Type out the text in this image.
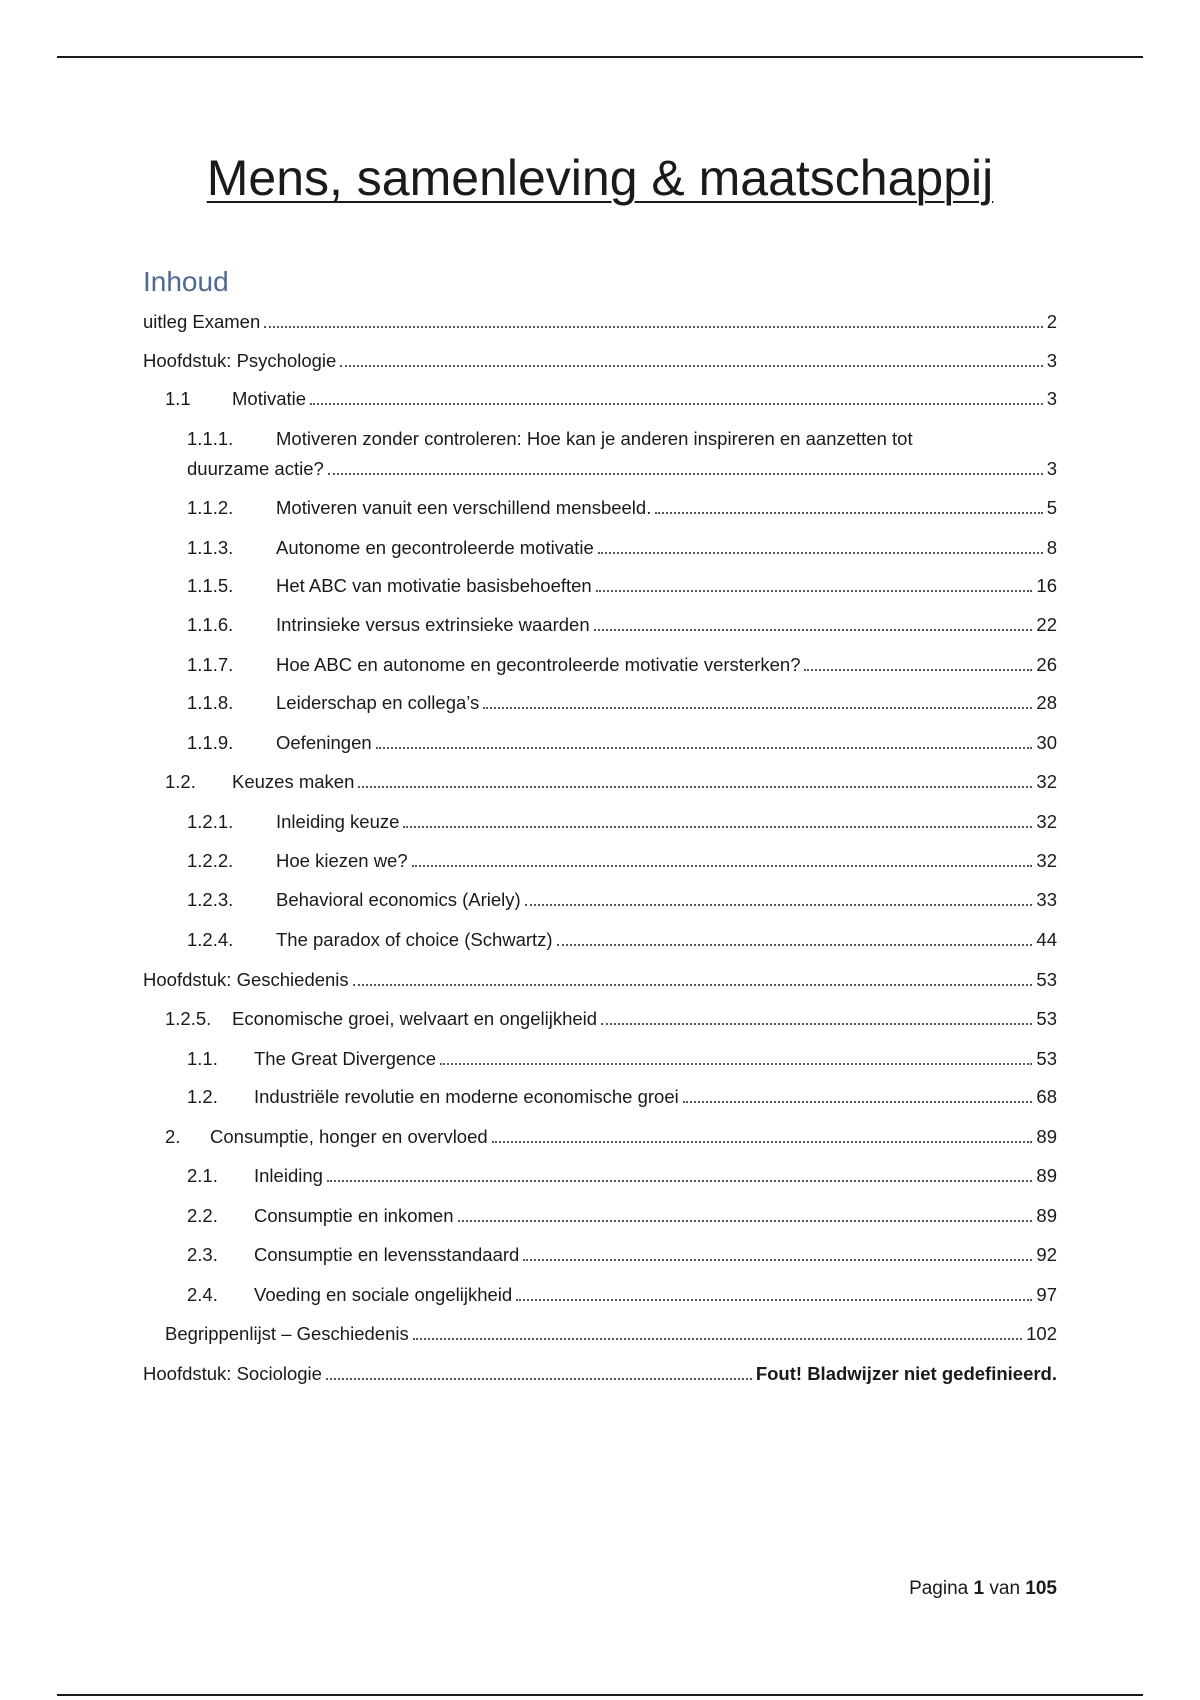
Mens, samenleving & maatschappij
Inhoud
uitleg Examen	2
Hoofdstuk: Psychologie	3
1.1	Motivatie	3
1.1.1. Motiveren zonder controleren: Hoe kan je anderen inspireren en aanzetten tot
duurzame actie?	3
1.1.2.	Motiveren vanuit een verschillend mensbeeld.	5
1.1.3.	Autonome en gecontroleerde motivatie	8
1.1.5.	Het ABC van motivatie basisbehoeften	16
1.1.6.	Intrinsieke versus extrinsieke waarden	22
1.1.7.	Hoe ABC en autonome en gecontroleerde motivatie versterken?	26
1.1.8.	Leiderschap en collega’s	28
1.1.9.	Oefeningen	30
1.2.	Keuzes maken	32
1.2.1.	Inleiding keuze	32
1.2.2.	Hoe kiezen we?	32
1.2.3.	Behavioral economics (Ariely)	33
1.2.4.	The paradox of choice (Schwartz)	44
Hoofdstuk: Geschiedenis	53
1.2.5.	Economische groei, welvaart en ongelijkheid	53
1.1.	The Great Divergence	53
1.2.	Industriële revolutie en moderne economische groei	68
2.	Consumptie, honger en overvloed	89
2.1.	Inleiding	89
2.2.	Consumptie en inkomen	89
2.3.	Consumptie en levensstandaard	92
2.4.	Voeding en sociale ongelijkheid	97
Begrippenlijst – Geschiedenis	102
Hoofdstuk: Sociologie	Fout! Bladwijzer niet gedefinieerd.
Pagina 1 van 105
